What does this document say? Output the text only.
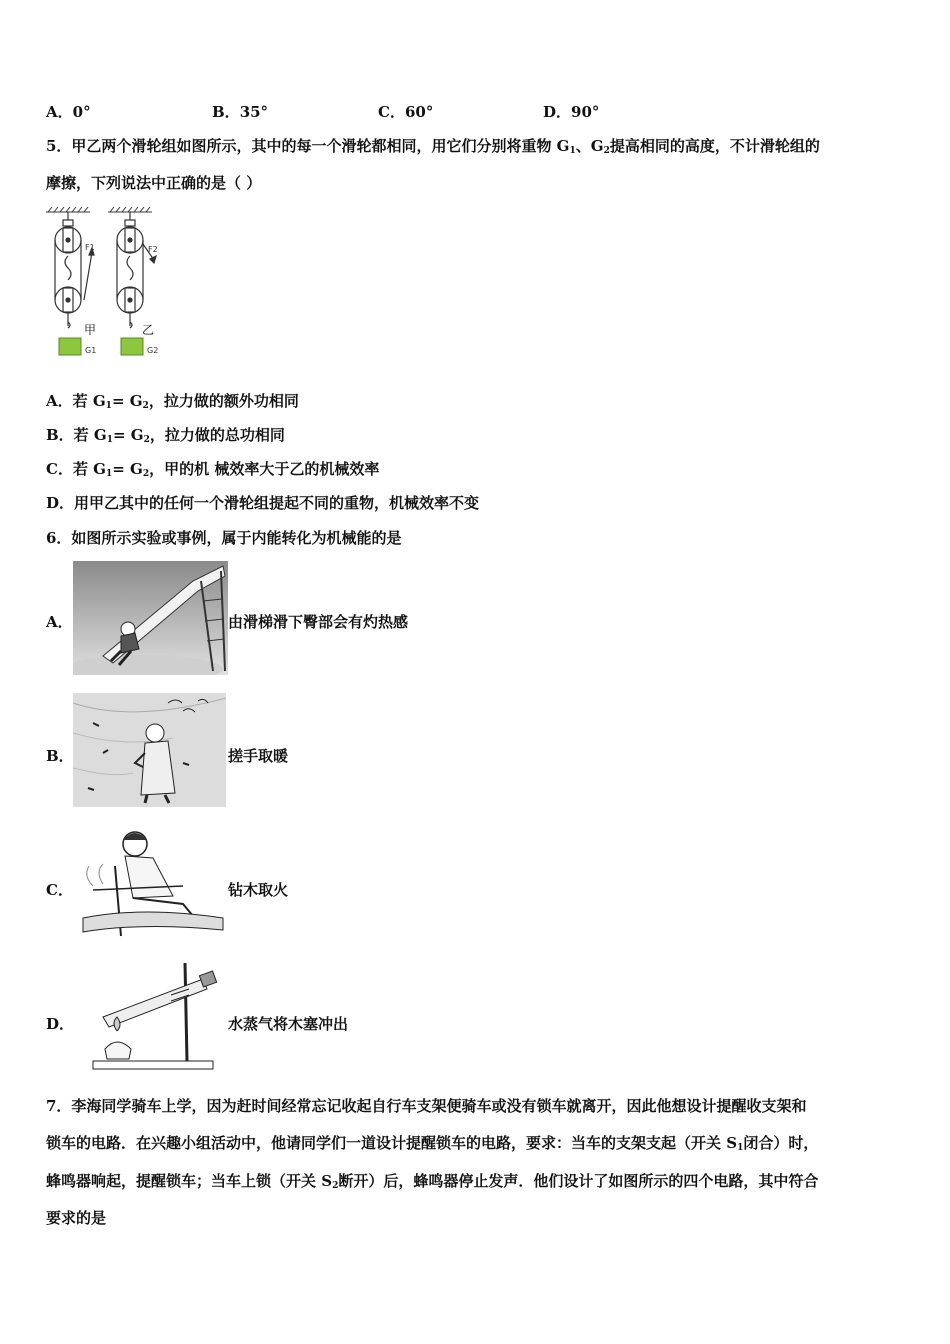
A．0°	B．35°	C．60°	D．90°
5．甲乙两个滑轮组如图所示，其中的每一个滑轮都相同，用它们分别将重物 $G_1$、$G_2$提高相同的高度，不计滑轮组的
摩擦，下列说法中正确的是（ ）
F1	F2
甲	乙
G1	G2
A．若 $G_1= G_2$，拉力做的额外功相同
B．若 $G_1= G_2$，拉力做的总功相同
C．若 $G_1= G_2$，甲的机 械效率大于乙的机械效率
D．用甲乙其中的任何一个滑轮组提起不同的重物，机械效率不变
6．如图所示实验或事例，属于内能转化为机械能的是
A．	由滑梯滑下臀部会有灼热感
B．	搓手取暖
C．	钻木取火
D．	水蒸气将木塞冲出
7．李海同学骑车上学，因为赶时间经常忘记收起自行车支架便骑车或没有锁车就离开，因此他想设计提醒收支架和
锁车的电路．在兴趣小组活动中，他请同学们一道设计提醒锁车的电路，要求：当车的支架支起（开关 $S_1$闭合）时，
蜂鸣器响起，提醒锁车；当车上锁（开关 $S_2$断开）后，蜂鸣器停止发声．他们设计了如图所示的四个电路，其中符合
要求的是
